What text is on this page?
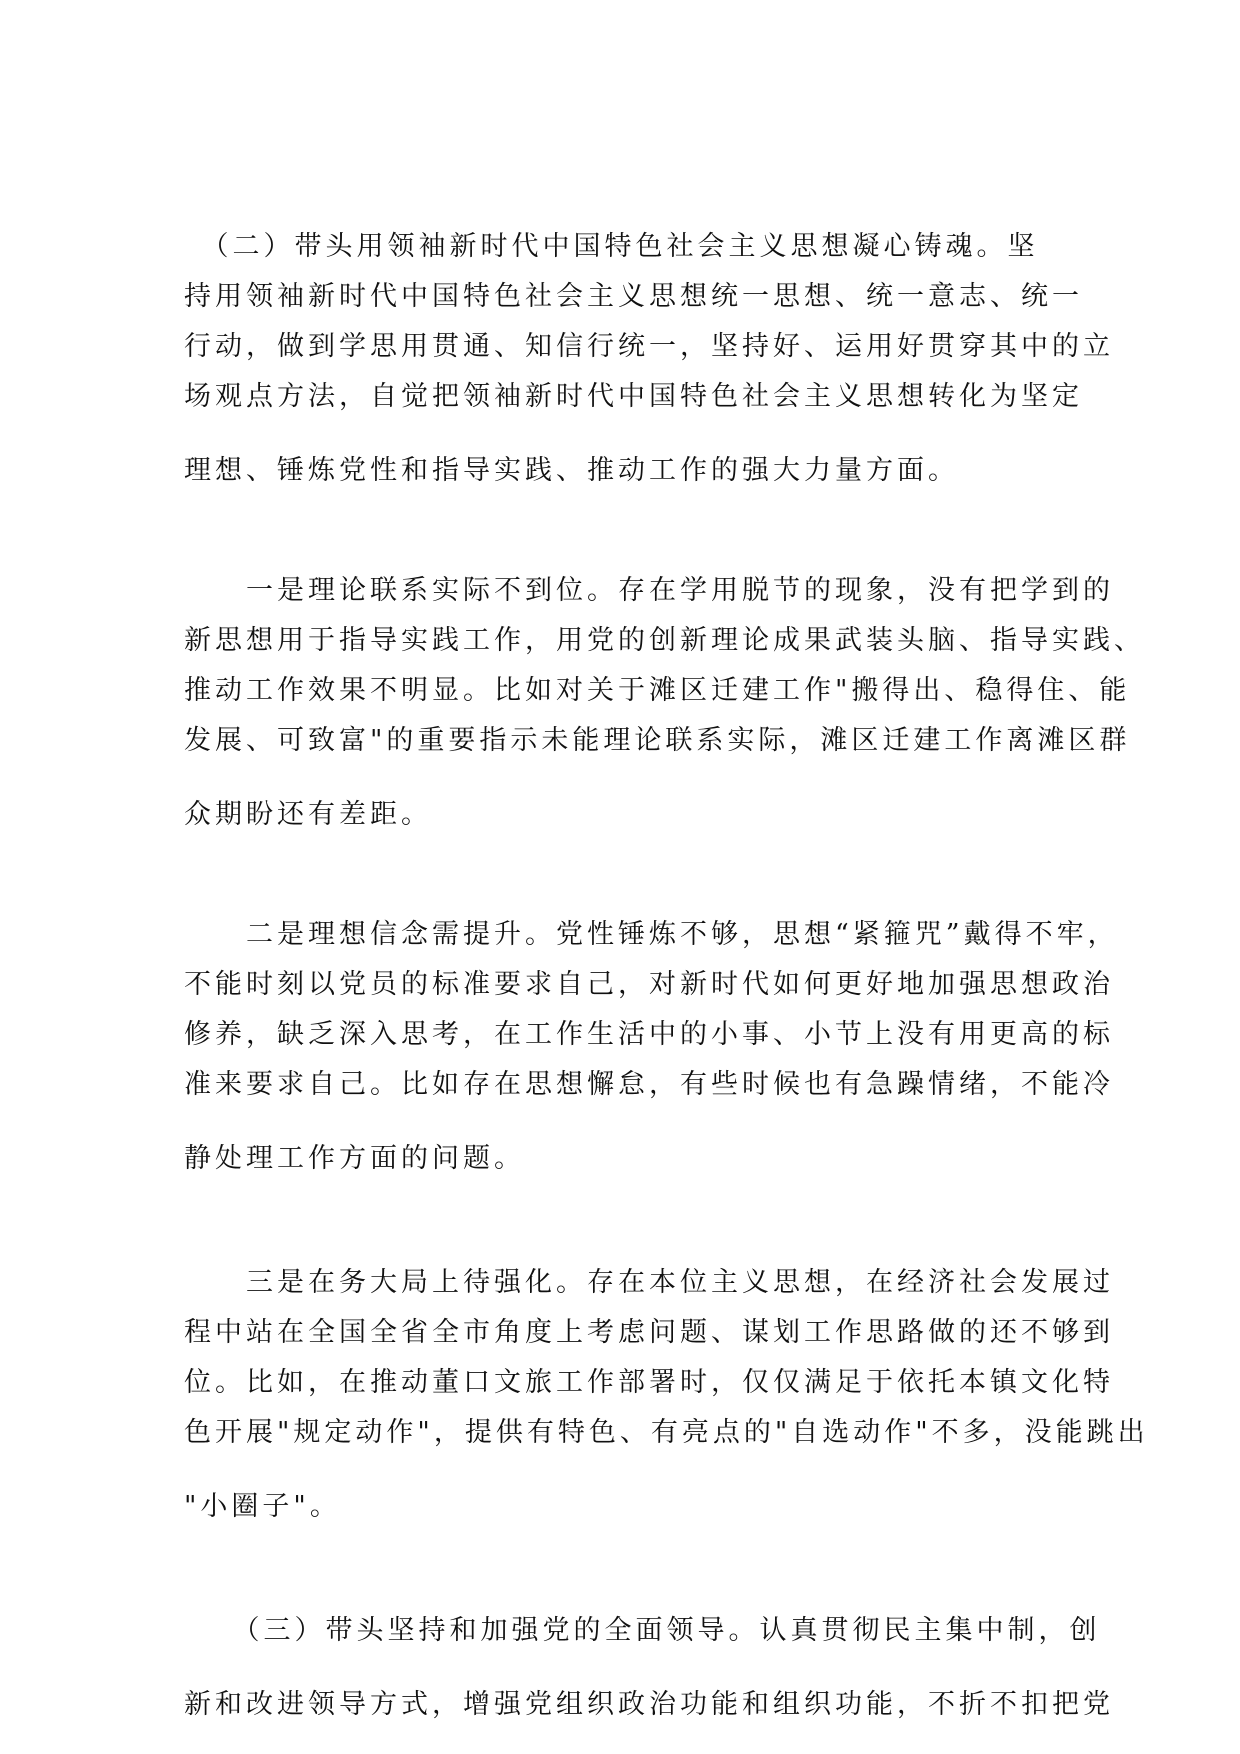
　（二）带头用领袖新时代中国特色社会主义思想凝心铸魂。坚
持用领袖新时代中国特色社会主义思想统一思想、统一意志、统一
行动，做到学思用贯通、知信行统一，坚持好、运用好贯穿其中的立
场观点方法，自觉把领袖新时代中国特色社会主义思想转化为坚定
理想、锤炼党性和指导实践、推动工作的强大力量方面。
　　一是理论联系实际不到位。存在学用脱节的现象，没有把学到的
新思想用于指导实践工作，用党的创新理论成果武装头脑、指导实践、
推动工作效果不明显。比如对关于滩区迁建工作"搬得出、稳得住、能
发展、可致富"的重要指示未能理论联系实际，滩区迁建工作离滩区群
众期盼还有差距。
　　二是理想信念需提升。党性锤炼不够，思想“紧箍咒”戴得不牢，
不能时刻以党员的标准要求自己，对新时代如何更好地加强思想政治
修养，缺乏深入思考，在工作生活中的小事、小节上没有用更高的标
准来要求自己。比如存在思想懈怠，有些时候也有急躁情绪，不能冷
静处理工作方面的问题。
　　三是在务大局上待强化。存在本位主义思想，在经济社会发展过
程中站在全国全省全市角度上考虑问题、谋划工作思路做的还不够到
位。比如，在推动董口文旅工作部署时，仅仅满足于依托本镇文化特
色开展"规定动作"，提供有特色、有亮点的"自选动作"不多，没能跳出
"小圈子"。
　　（三）带头坚持和加强党的全面领导。认真贯彻民主集中制，创
新和改进领导方式，增强党组织政治功能和组织功能，不折不扣把党
